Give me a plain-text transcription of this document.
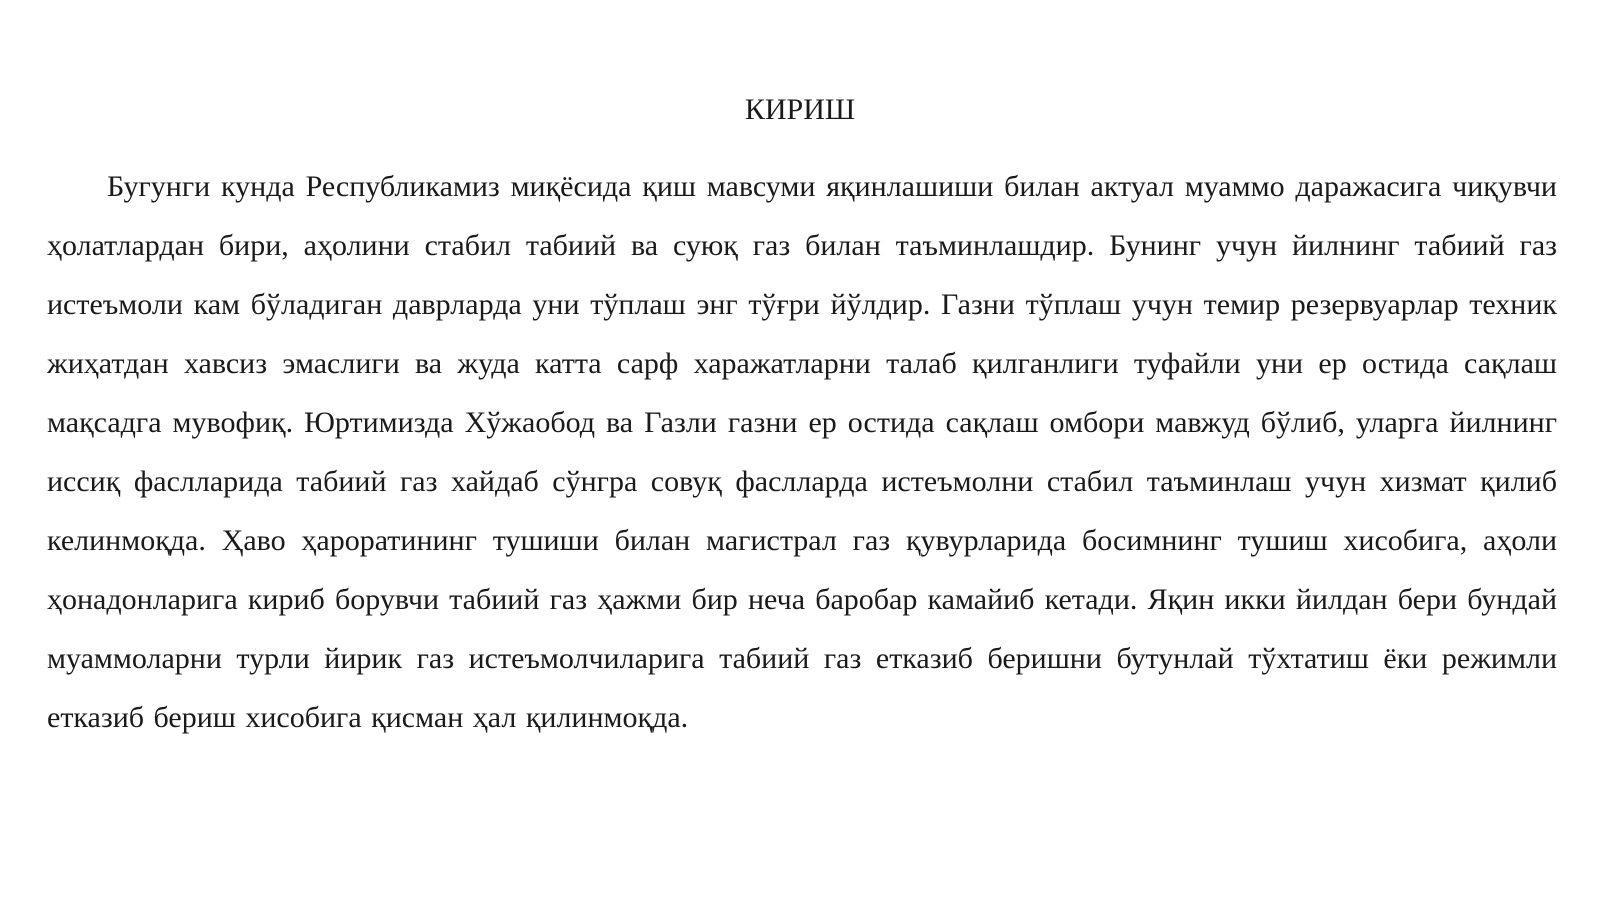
КИРИШ

Бугунги кунда Республикамиз миқёсида қиш мавсуми яқинлашиши билан актуал муаммо даражасига чиқувчи ҳолатлардан бири, аҳолини стабил табиий ва суюқ газ билан таъминлашдир. Бунинг учун йилнинг табиий газ истеъмоли кам бўладиган даврларда уни тўплаш энг тўғри йўлдир. Газни тўплаш учун темир резервуарлар техник жиҳатдан хавсиз эмаслиги ва жуда катта сарф харажатларни талаб қилганлиги туфайли уни ер остида сақлаш мақсадга мувофиқ. Юртимизда Хўжаобод ва Газли газни ер остида сақлаш омбори мавжуд бўлиб, уларга йилнинг иссиқ фаслларида табиий газ хайдаб сўнгра совуқ фаслларда истеъмолни стабил таъминлаш учун хизмат қилиб келинмоқда. Ҳаво ҳароратининг тушиши билан магистрал газ қувурларида босимнинг тушиш хисобига, аҳоли ҳонадонларига кириб борувчи табиий газ ҳажми бир неча баробар камайиб кетади. Яқин икки йилдан бери бундай муаммоларни турли йирик газ истеъмолчиларига табиий газ етказиб беришни бутунлай тўхтатиш ёки режимли етказиб бериш хисобига қисман ҳал қилинмоқда.
